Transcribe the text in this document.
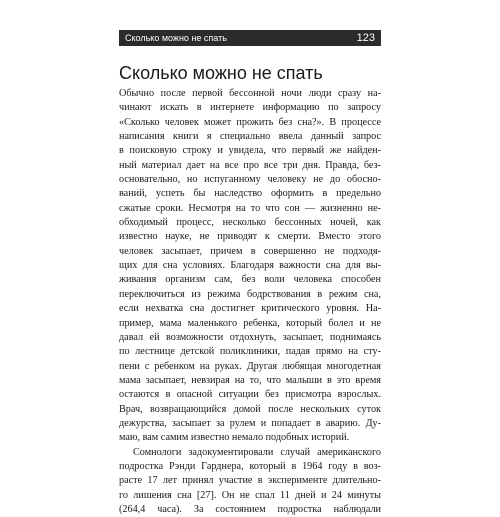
Сколько можно не спать	123
Сколько можно не спать
Обычно после первой бессонной ночи люди сразу на-
чинают искать в интернете информацию по запросу
«Сколько человек может прожить без сна?». В процессе
написания книги я специально ввела данный запрос
в поисковую строку и увидела, что первый же найден-
ный материал дает на все про все три дня. Правда, без-
основательно, но испуганному человеку не до обосно-
ваний, успеть бы наследство оформить в предельно
сжатые сроки. Несмотря на то что сон — жизненно не-
обходимый процесс, несколько бессонных ночей, как
известно науке, не приводят к смерти. Вместо этого
человек засыпает, причем в совершенно не подходя-
щих для сна условиях. Благодаря важности сна для вы-
живания организм сам, без воли человека способен
переключиться из режима бодрствования в режим сна,
если нехватка сна достигнет критического уровня. На-
пример, мама маленького ребенка, который болел и не
давал ей возможности отдохнуть, засыпает, поднимаясь
по лестнице детской поликлиники, падая прямо на сту-
пени с ребенком на руках. Другая любящая многодетная
мама засыпает, невзирая на то, что малыши в это время
остаются в опасной ситуации без присмотра взрослых.
Врач, возвращающийся домой после нескольких суток
дежурства, засыпает за рулем и попадает в аварию. Ду-
маю, вам самим известно немало подобных историй.
Сомнологи задокументировали случай американского
подростка Рэнди Гарднера, который в 1964 году в воз-
расте 17 лет принял участие в эксперименте длительно-
го лишения сна [27]. Он не спал 11 дней и 24 минуты
(264,4 часа). За состоянием подростка наблюдали
